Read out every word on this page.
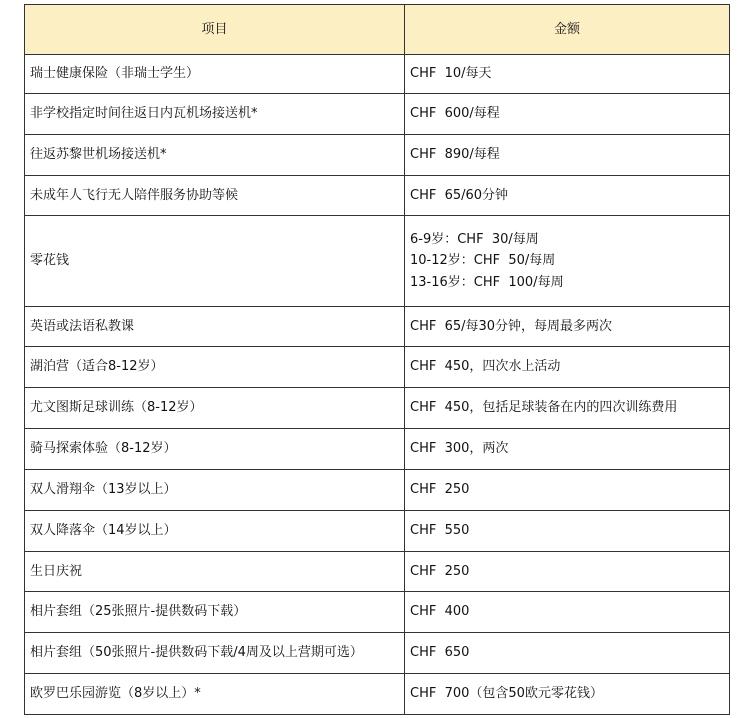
项目	金额
瑞士健康保险（非瑞士学生）	CHF  10/每天

非学校指定时间往返日内瓦机场接送机*	CHF  600/每程

往返苏黎世机场接送机*	CHF  890/每程

未成年人飞行无人陪伴服务协助等候	CHF  65/60分钟

零花钱	6-9岁：CHF  30/每周
10-12岁：CHF  50/每周
13-16岁：CHF  100/每周

英语或法语私教课	CHF  65/每30分钟，每周最多两次

湖泊营（适合8-12岁）	CHF  450，四次水上活动

尤文图斯足球训练（8-12岁）	CHF  450，包括足球装备在内的四次训练费用

骑马探索体验（8-12岁）	CHF  300，两次

双人滑翔伞（13岁以上）	CHF  250

双人降落伞（14岁以上）	CHF  550

生日庆祝	CHF  250

相片套组（25张照片-提供数码下载）	CHF  400

相片套组（50张照片-提供数码下载/4周及以上营期可选）	CHF  650

欧罗巴乐园游览（8岁以上）*	CHF  700（包含50欧元零花钱）
